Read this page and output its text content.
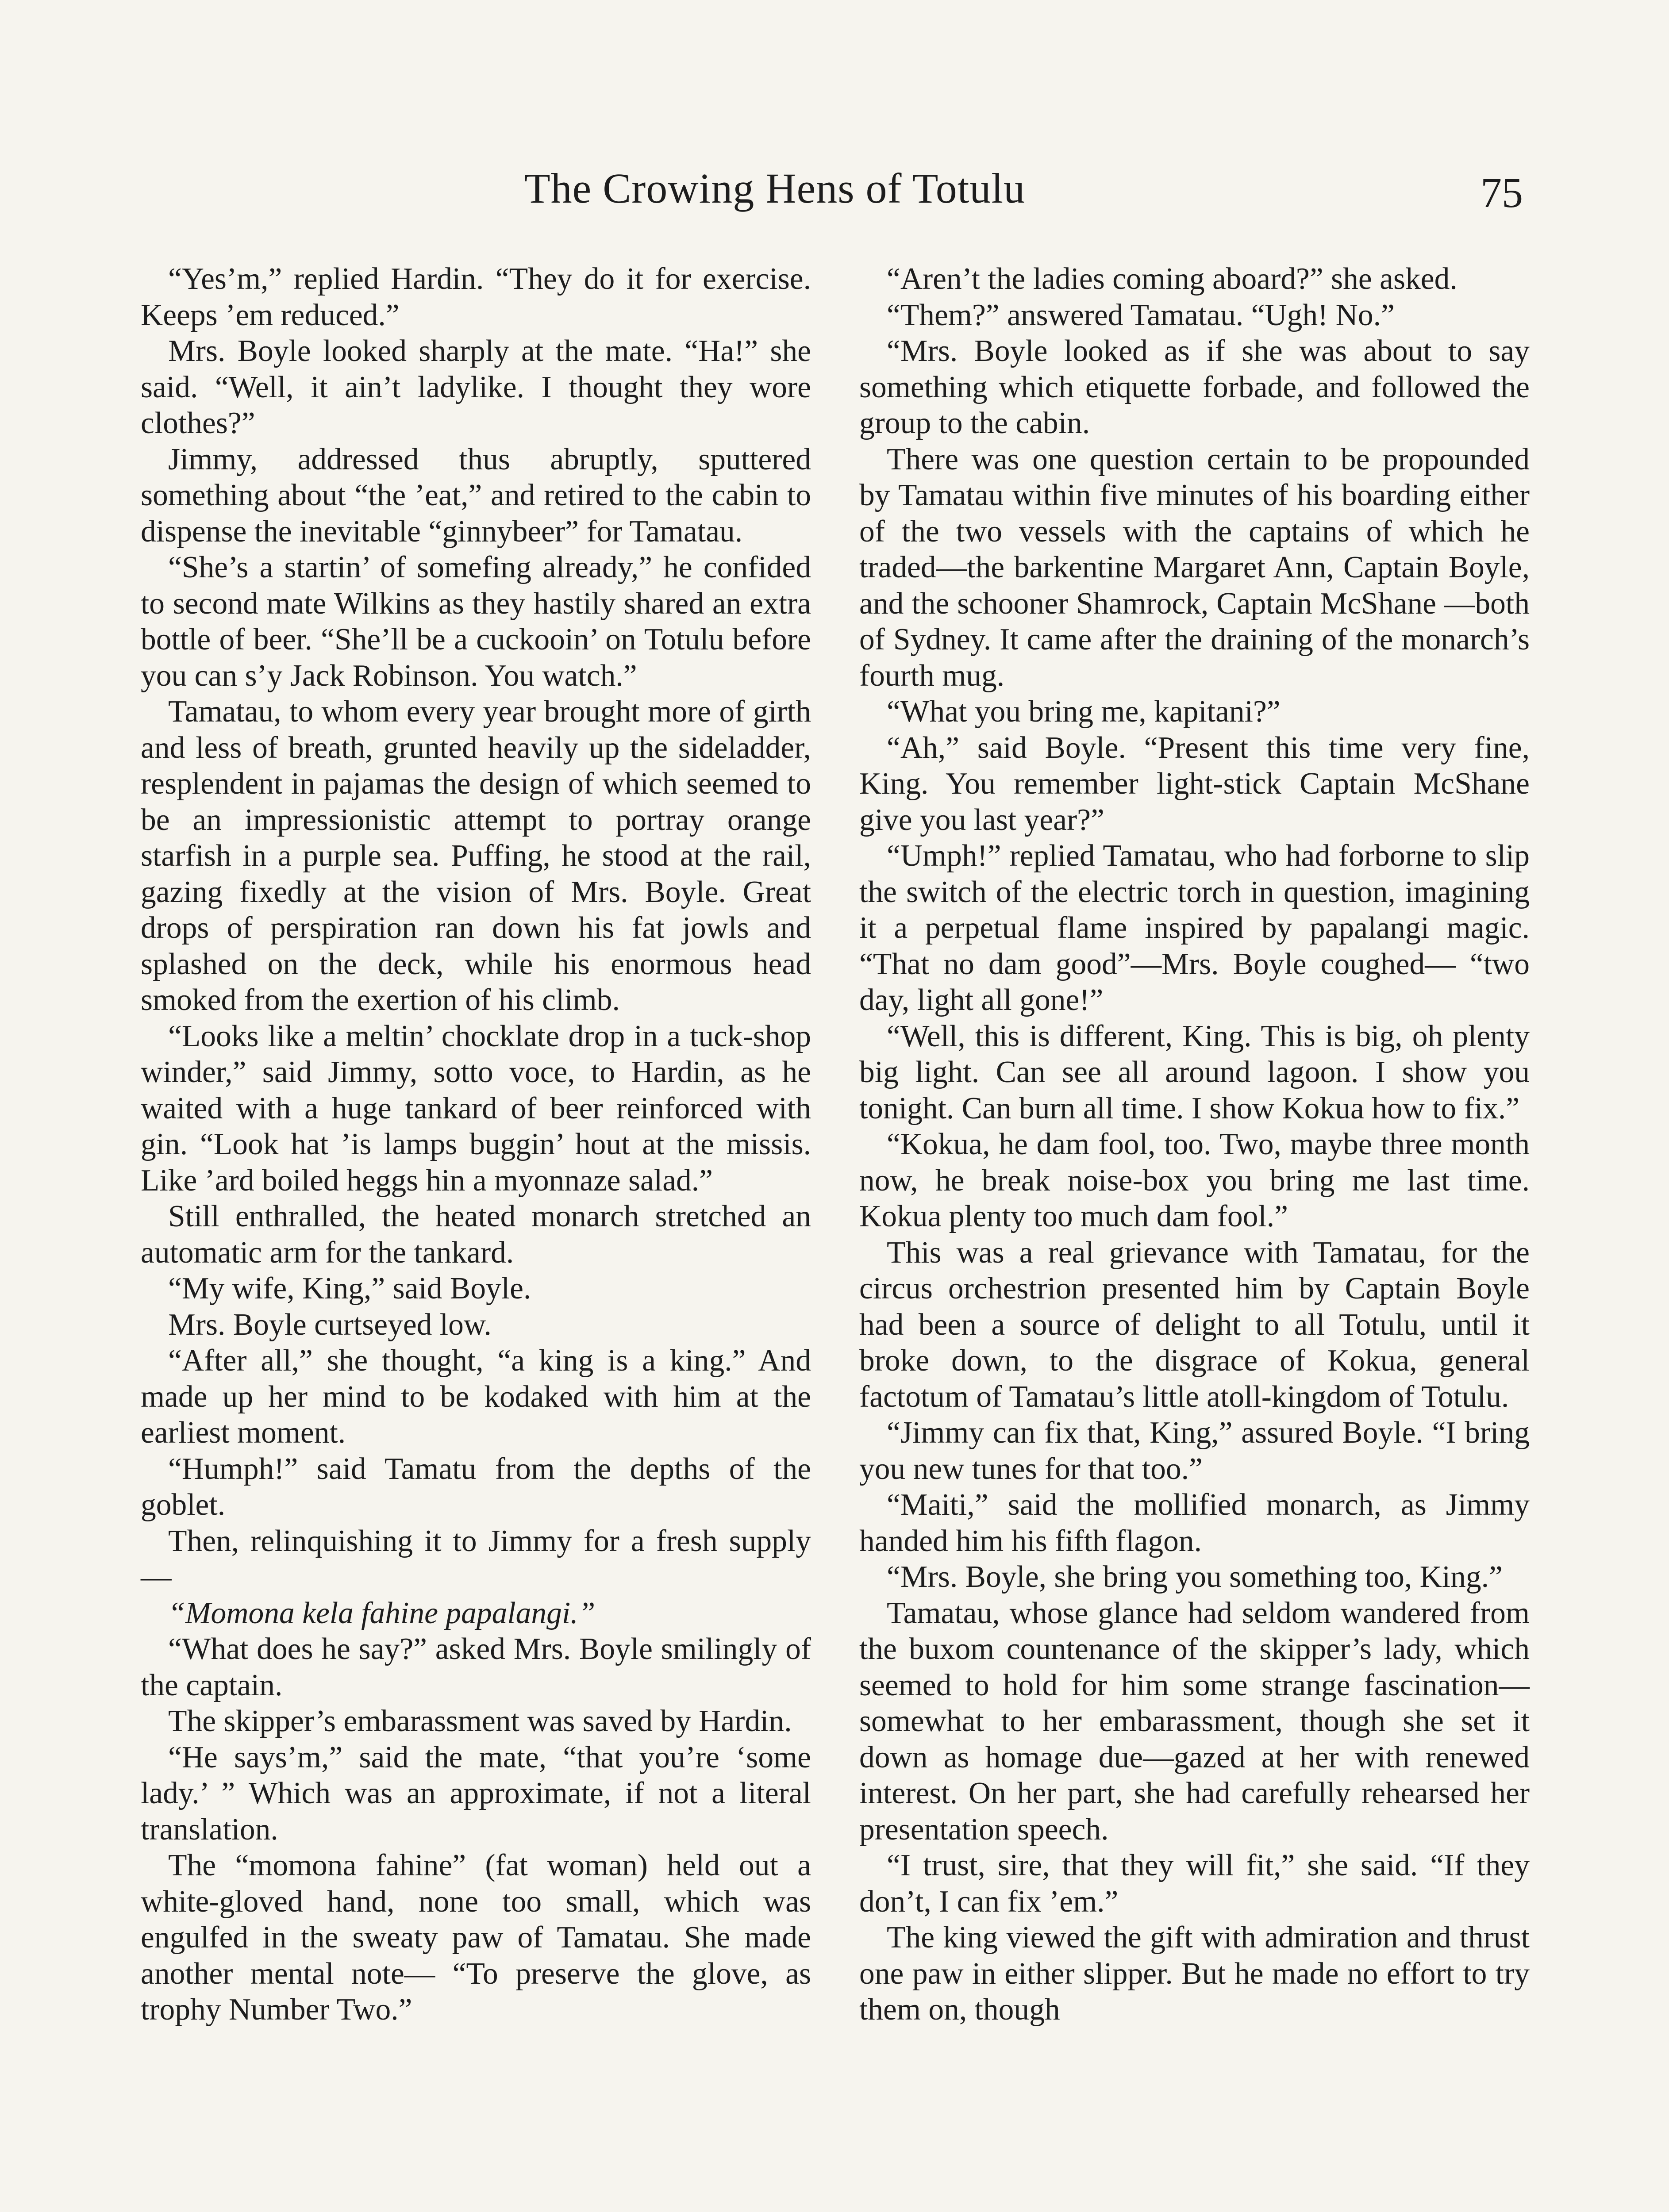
The Crowing Hens of Totulu	75

“Yes’m,” replied Hardin. “They do it for exercise. Keeps ’em reduced.”

Mrs. Boyle looked sharply at the mate. “Ha!” she said. “Well, it ain’t ladylike. I thought they wore clothes?”

Jimmy, addressed thus abruptly, sputtered something about “the ’eat,” and retired to the cabin to dispense the inevitable “ginnybeer” for Tamatau.

“She’s a startin’ of somefing already,” he confided to second mate Wilkins as they hastily shared an extra bottle of beer. “She’ll be a cuckooin’ on Totulu before you can s’y Jack Robinson. You watch.”

Tamatau, to whom every year brought more of girth and less of breath, grunted heavily up the sideladder, resplendent in pajamas the design of which seemed to be an impressionistic attempt to portray orange starfish in a purple sea. Puffing, he stood at the rail, gazing fixedly at the vision of Mrs. Boyle. Great drops of perspiration ran down his fat jowls and splashed on the deck, while his enormous head smoked from the exertion of his climb.

“Looks like a meltin’ chocklate drop in a tuck-shop winder,” said Jimmy, sotto voce, to Hardin, as he waited with a huge tankard of beer reinforced with gin. “Look hat ’is lamps buggin’ hout at the missis. Like ’ard boiled heggs hin a myonnaze salad.”

Still enthralled, the heated monarch stretched an automatic arm for the tankard.

“My wife, King,” said Boyle.

Mrs. Boyle curtseyed low.

“After all,” she thought, “a king is a king.” And made up her mind to be kodaked with him at the earliest moment.

“Humph!” said Tamatu from the depths of the goblet.

Then, relinquishing it to Jimmy for a fresh supply—

“Momona kela fahine papalangi.”

“What does he say?” asked Mrs. Boyle smilingly of the captain.

The skipper’s embarassment was saved by Hardin.

“He says’m,” said the mate, “that you’re ‘some lady.’ ” Which was an approximate, if not a literal translation.

The “momona fahine” (fat woman) held out a white-gloved hand, none too small, which was engulfed in the sweaty paw of Tamatau. She made another mental note— “To preserve the glove, as trophy Number Two.”

“Aren’t the ladies coming aboard?” she asked.

“Them?” answered Tamatau. “Ugh! No.”

“Mrs. Boyle looked as if she was about to say something which etiquette forbade, and followed the group to the cabin.

There was one question certain to be propounded by Tamatau within five minutes of his boarding either of the two vessels with the captains of which he traded—the barkentine Margaret Ann, Captain Boyle, and the schooner Shamrock, Captain McShane —both of Sydney. It came after the draining of the monarch’s fourth mug.

“What you bring me, kapitani?”

“Ah,” said Boyle. “Present this time very fine, King. You remember light-stick Captain McShane give you last year?”

“Umph!” replied Tamatau, who had forborne to slip the switch of the electric torch in question, imagining it a perpetual flame inspired by papalangi magic. “That no dam good”—Mrs. Boyle coughed— “two day, light all gone!”

“Well, this is different, King. This is big, oh plenty big light. Can see all around lagoon. I show you tonight. Can burn all time. I show Kokua how to fix.”

“Kokua, he dam fool, too. Two, maybe three month now, he break noise-box you bring me last time. Kokua plenty too much dam fool.”

This was a real grievance with Tamatau, for the circus orchestrion presented him by Captain Boyle had been a source of delight to all Totulu, until it broke down, to the disgrace of Kokua, general factotum of Tamatau’s little atoll-kingdom of Totulu.

“Jimmy can fix that, King,” assured Boyle. “I bring you new tunes for that too.”

“Maiti,” said the mollified monarch, as Jimmy handed him his fifth flagon.

“Mrs. Boyle, she bring you something too, King.”

Tamatau, whose glance had seldom wandered from the buxom countenance of the skipper’s lady, which seemed to hold for him some strange fascination—somewhat to her embarassment, though she set it down as homage due—gazed at her with renewed interest. On her part, she had carefully rehearsed her presentation speech.

“I trust, sire, that they will fit,” she said. “If they don’t, I can fix ’em.”

The king viewed the gift with admiration and thrust one paw in either slipper. But he made no effort to try them on, though
